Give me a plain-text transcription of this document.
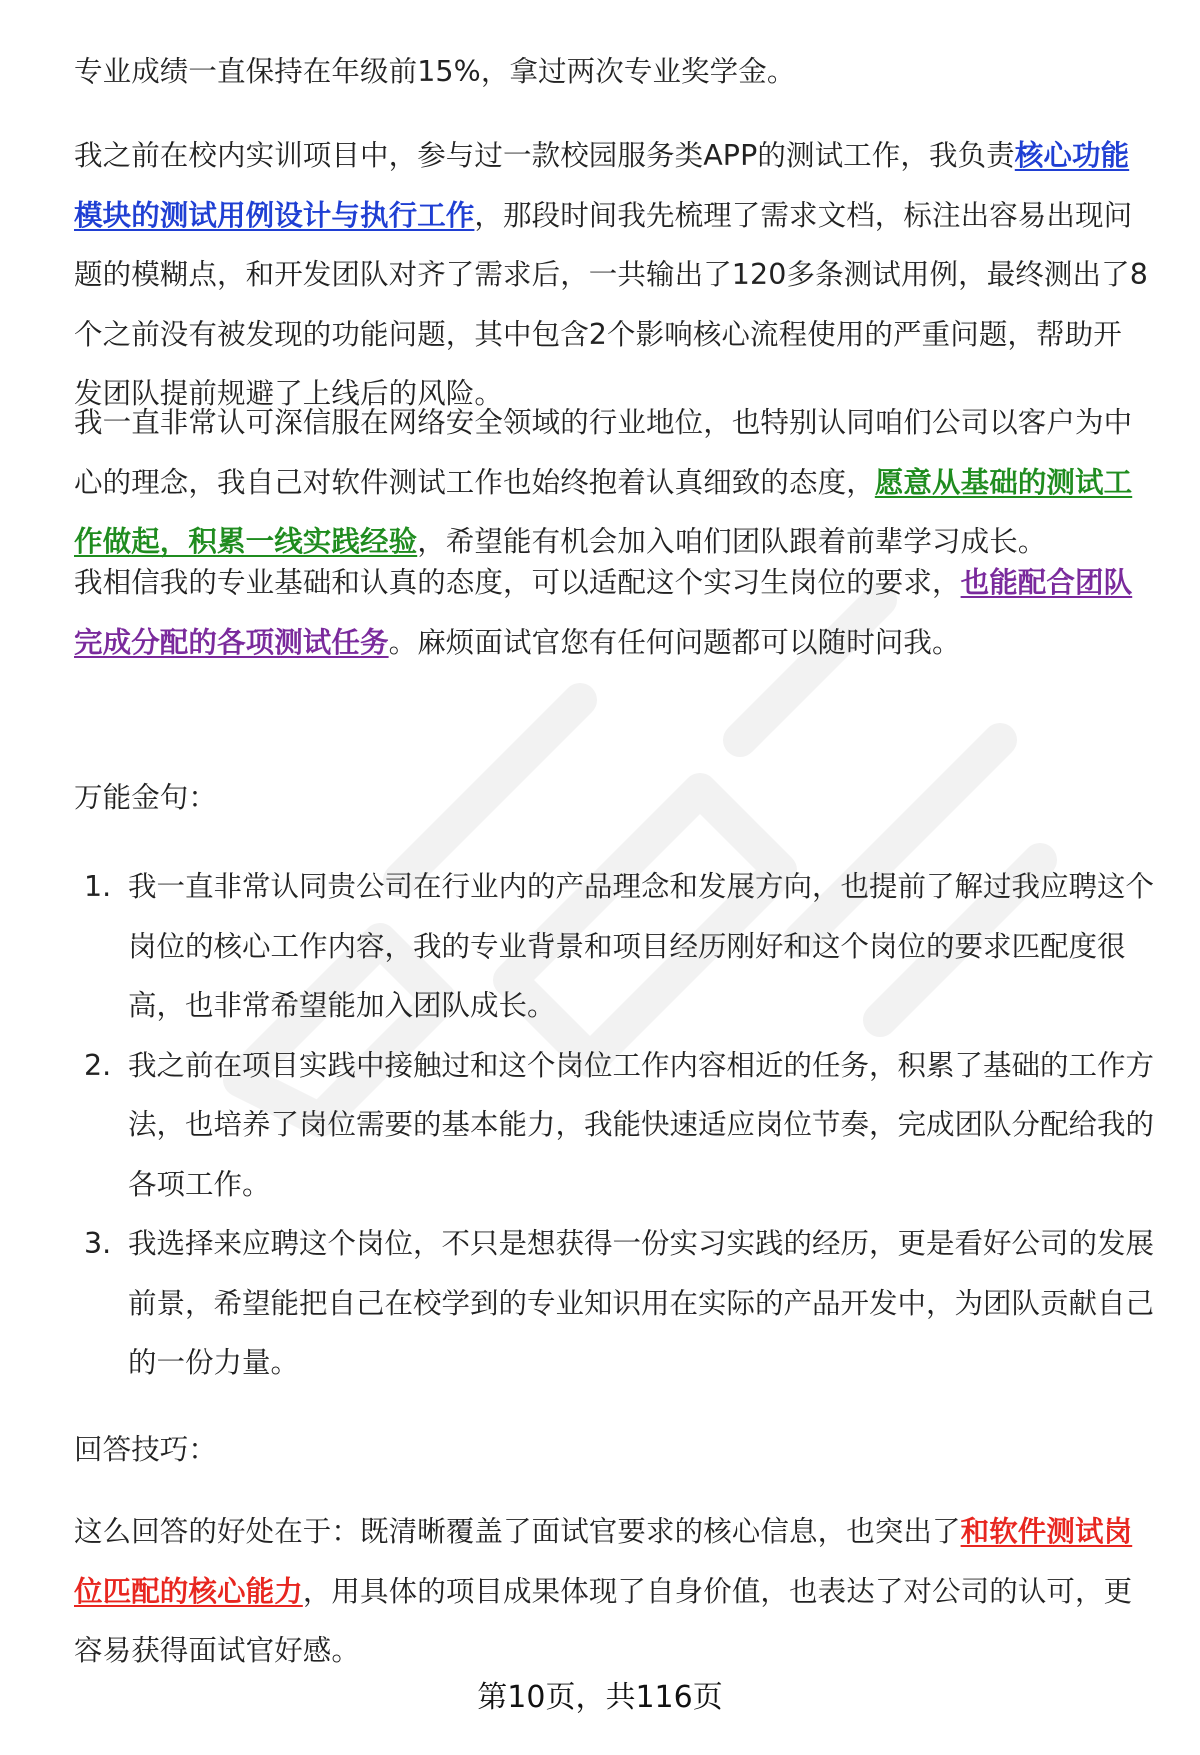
专业成绩一直保持在年级前15%，拿过两次专业奖学金。

我之前在校内实训项目中，参与过一款校园服务类APP的测试工作，我负责核心功能模块的测试用例设计与执行工作，那段时间我先梳理了需求文档，标注出容易出现问题的模糊点，和开发团队对齐了需求后，一共输出了120多条测试用例，最终测出了8个之前没有被发现的功能问题，其中包含2个影响核心流程使用的严重问题，帮助开发团队提前规避了上线后的风险。

我一直非常认可深信服在网络安全领域的行业地位，也特别认同咱们公司以客户为中心的理念，我自己对软件测试工作也始终抱着认真细致的态度，愿意从基础的测试工作做起，积累一线实践经验，希望能有机会加入咱们团队跟着前辈学习成长。

我相信我的专业基础和认真的态度，可以适配这个实习生岗位的要求，也能配合团队完成分配的各项测试任务。麻烦面试官您有任何问题都可以随时问我。

万能金句：

1. 我一直非常认同贵公司在行业内的产品理念和发展方向，也提前了解过我应聘这个岗位的核心工作内容，我的专业背景和项目经历刚好和这个岗位的要求匹配度很高，也非常希望能加入团队成长。
2. 我之前在项目实践中接触过和这个岗位工作内容相近的任务，积累了基础的工作方法，也培养了岗位需要的基本能力，我能快速适应岗位节奏，完成团队分配给我的各项工作。
3. 我选择来应聘这个岗位，不只是想获得一份实习实践的经历，更是看好公司的发展前景，希望能把自己在校学到的专业知识用在实际的产品开发中，为团队贡献自己的一份力量。

回答技巧：

这么回答的好处在于：既清晰覆盖了面试官要求的核心信息，也突出了和软件测试岗位匹配的核心能力，用具体的项目成果体现了自身价值，也表达了对公司的认可，更容易获得面试官好感。

第10页，共116页
